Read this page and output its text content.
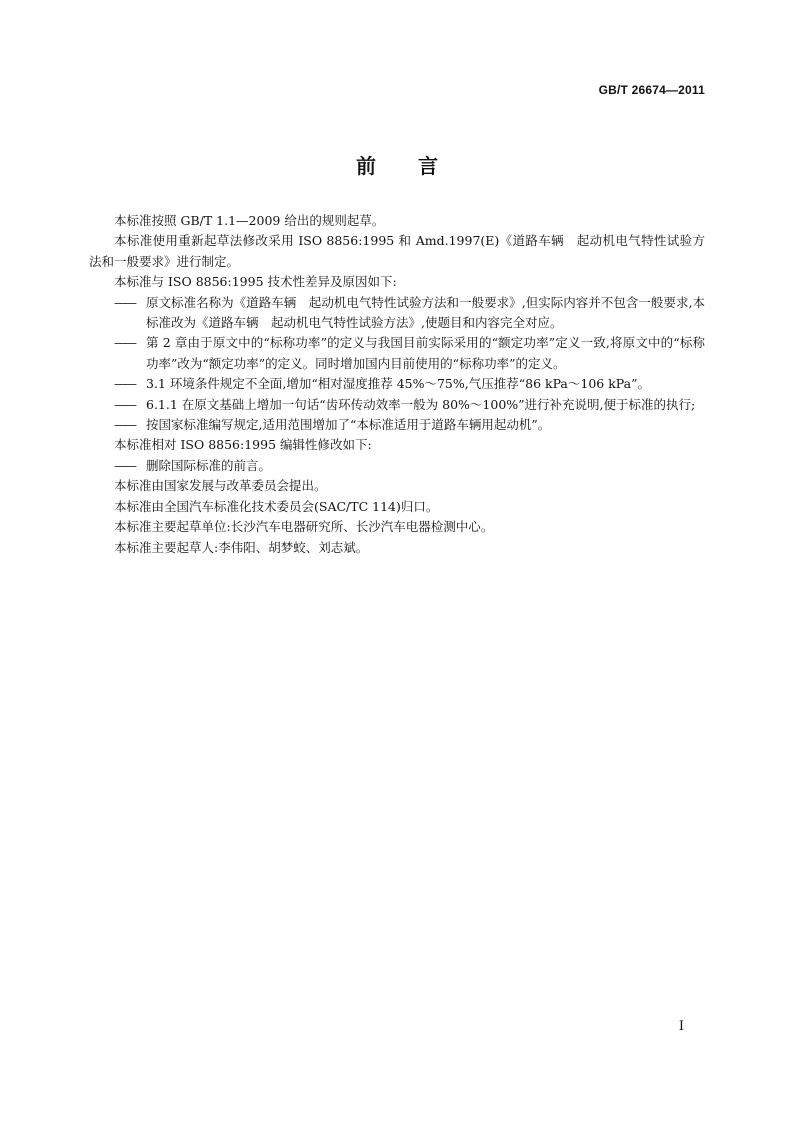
GB/T 26674—2011
前 言

本标准按照 GB/T 1.1—2009 给出的规则起草。

本标准使用重新起草法修改采用 ISO 8856:1995 和 Amd.1997(E)《道路车辆　起动机电气特性试验方法和一般要求》进行制定。

本标准与 ISO 8856:1995 技术性差异及原因如下:

—— 原文标准名称为《道路车辆　起动机电气特性试验方法和一般要求》,但实际内容并不包含一般要求,本标准改为《道路车辆　起动机电气特性试验方法》,使题目和内容完全对应。
—— 第 2 章由于原文中的“标称功率”的定义与我国目前实际采用的“额定功率”定义一致,将原文中的“标称功率”改为“额定功率”的定义。同时增加国内目前使用的“标称功率”的定义。
—— 3.1 环境条件规定不全面,增加“相对湿度推荐 45%～75%,气压推荐“86 kPa～106 kPa”。
—— 6.1.1 在原文基础上增加一句话“齿环传动效率一般为 80%～100%”进行补充说明,便于标准的执行;
—— 按国家标准编写规定,适用范围增加了“本标准适用于道路车辆用起动机”。

本标准相对 ISO 8856:1995 编辑性修改如下:

—— 删除国际标准的前言。

本标准由国家发展与改革委员会提出。

本标准由全国汽车标准化技术委员会(SAC/TC 114)归口。

本标准主要起草单位:长沙汽车电器研究所、长沙汽车电器检测中心。

本标准主要起草人:李伟阳、胡梦蛟、刘志斌。

I
